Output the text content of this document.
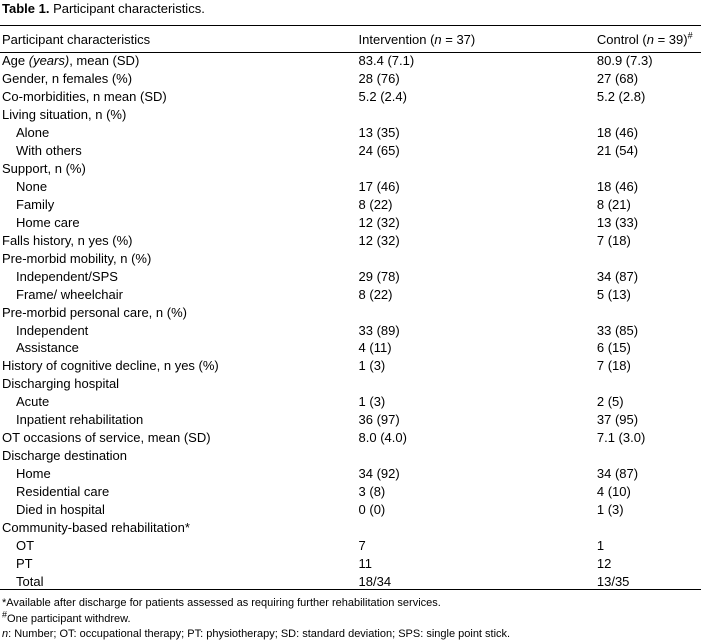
Table 1. Participant characteristics.
Participant characteristics	Intervention (n = 37)	Control (n = 39)#
Age (years), mean (SD)	83.4 (7.1)	80.9 (7.3)
Gender, n females (%)	28 (76)	27 (68)
Co-morbidities, n mean (SD)	5.2 (2.4)	5.2 (2.8)
Living situation, n (%)		
Alone	13 (35)	18 (46)
With others	24 (65)	21 (54)
Support, n (%)		
None	17 (46)	18 (46)
Family	8 (22)	8 (21)
Home care	12 (32)	13 (33)
Falls history, n yes (%)	12 (32)	7 (18)
Pre-morbid mobility, n (%)		
Independent/SPS	29 (78)	34 (87)
Frame/ wheelchair	8 (22)	5 (13)
Pre-morbid personal care, n (%)		
Independent	33 (89)	33 (85)
Assistance	4 (11)	6 (15)
History of cognitive decline, n yes (%)	1 (3)	7 (18)
Discharging hospital		
Acute	1 (3)	2 (5)
Inpatient rehabilitation	36 (97)	37 (95)
OT occasions of service, mean (SD)	8.0 (4.0)	7.1 (3.0)
Discharge destination		
Home	34 (92)	34 (87)
Residential care	3 (8)	4 (10)
Died in hospital	0 (0)	1 (3)
Community-based rehabilitation*		
OT	7	1
PT	11	12
Total	18/34	13/35
*Available after discharge for patients assessed as requiring further rehabilitation services.
#One participant withdrew.
n: Number; OT: occupational therapy; PT: physiotherapy; SD: standard deviation; SPS: single point stick.
